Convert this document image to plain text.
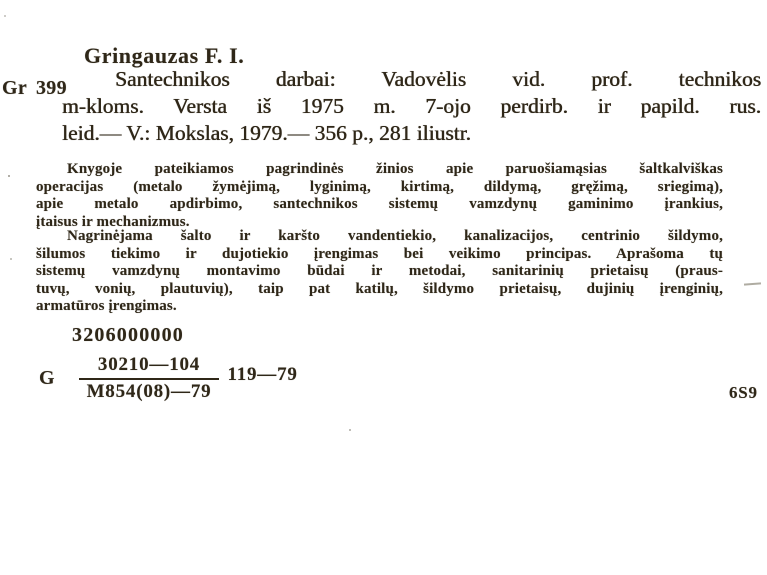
Gringauzas F. I.
Gr 399	Santechnikos darbai: Vadovėlis vid. prof. technikos
m-kloms. Versta iš 1975 m. 7-ojo perdirb. ir papild. rus.
leid.— V.: Mokslas, 1979.— 356 p., 281 iliustr.
Knygoje pateikiamos pagrindinės žinios apie paruošiamąsias šaltkalviškas
operacijas (metalo žymėjimą, lyginimą, kirtimą, dildymą, gręžimą, sriegimą),
apie metalo apdirbimo, santechnikos sistemų vamzdynų gaminimo įrankius,
įtaisus ir mechanizmus.
Nagrinėjama šalto ir karšto vandentiekio, kanalizacijos, centrinio šildymo,
šilumos tiekimo ir dujotiekio įrengimas bei veikimo principas. Aprašoma tų
sistemų vamzdynų montavimo būdai ir metodai, sanitarinių prietaisų (praus-
tuvų, vonių, plautuvių), taip pat katilų, šildymo prietaisų, dujinių įrenginių,
armatūros įrengimas.
3206000000
G $\frac{30210—104}{M854(08)—79}$ 119—79
6S9
